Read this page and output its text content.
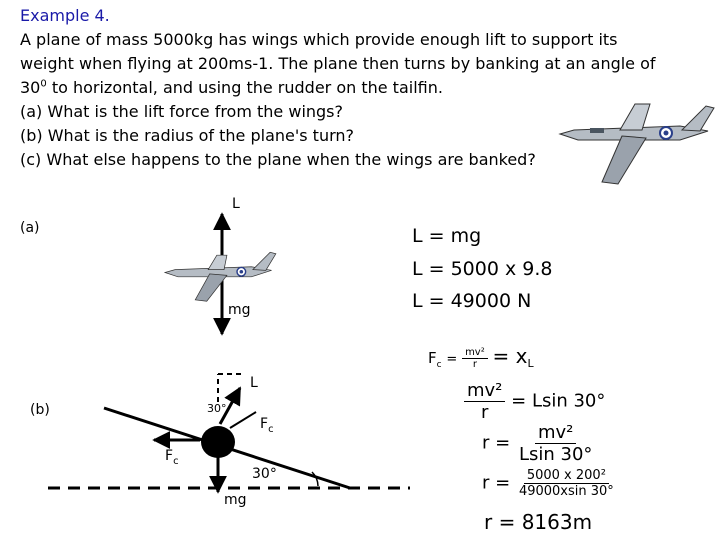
Example 4.
A plane of mass 5000kg has wings which provide enough lift to support its
weight when flying at 200ms-1. The plane then turns by banking at an angle of
$30^0$ to horizontal, and using the rudder on the tailfin.
(a) What is the lift force from the wings?
(b) What is the radius of the plane's turn?
(c) What else happens to the plane when the wings are banked?
(a)
L
mg
L = mg
L = 5000 x 9.8
L = 49000 N
(b)
L
30°
$F_c$
$F_c$
30°
mg
$F_c = \frac{\text{mv²}}{r} = x_L$
$\frac{\text{mv²}}{r} = Lsin$ 30°
$r = \frac{\text{mv²}}{Lsin 30^\circ}$
$r = \frac{\text{5000 x 200²}}{49000xsin 30^\circ}$
r = 8163m
